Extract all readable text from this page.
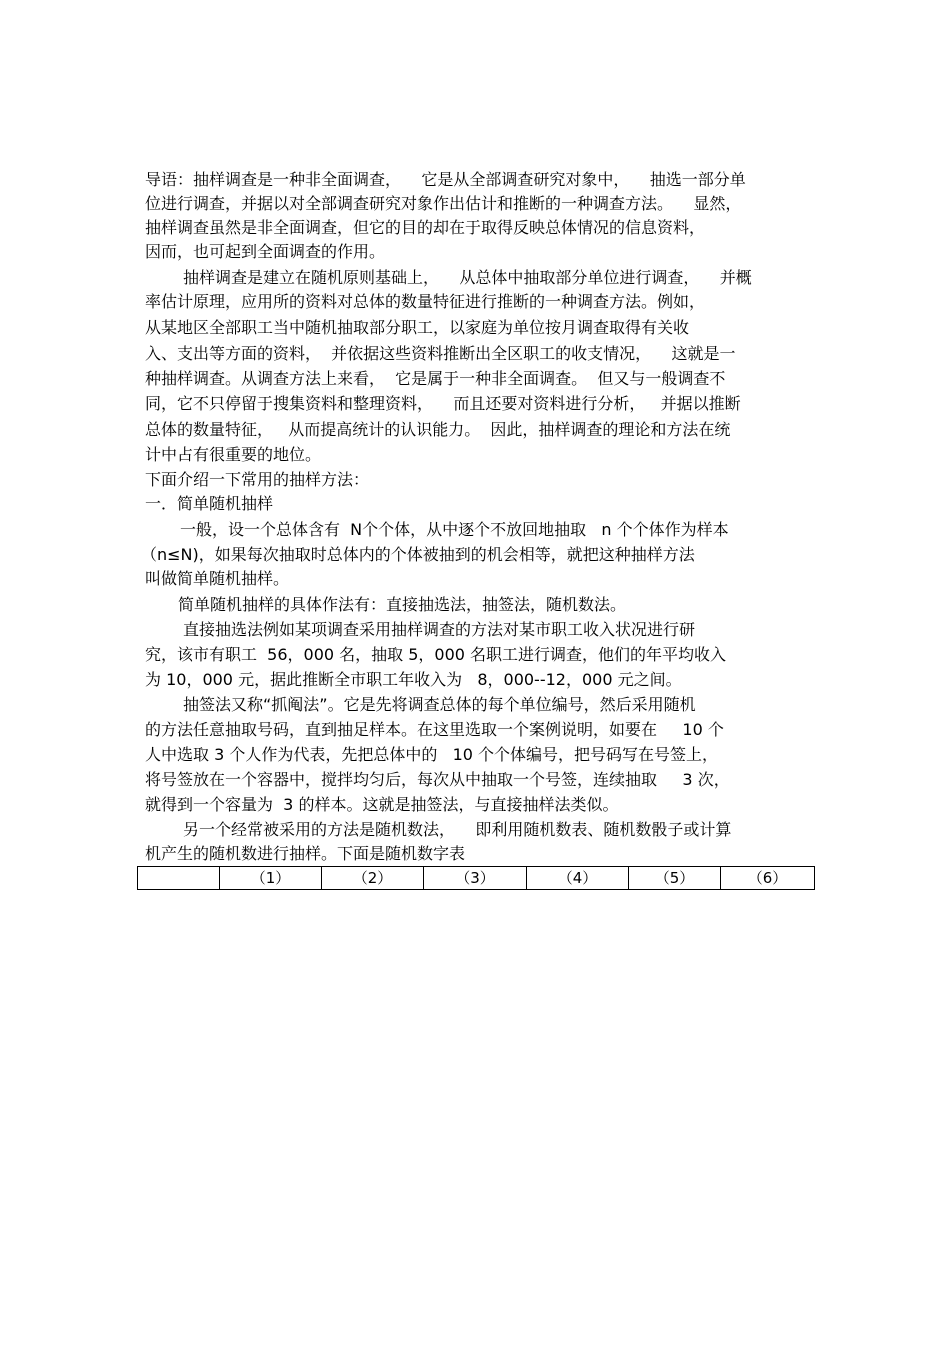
导语：抽样调查是一种非全面调查，    它是从全部调查研究对象中，    抽选一部分单

位进行调查，并据以对全部调查研究对象作出估计和推断的一种调查方法。    显然，

抽样调查虽然是非全面调查，但它的目的却在于取得反映总体情况的信息资料，

因而，也可起到全面调查的作用。

抽样调查是建立在随机原则基础上，    从总体中抽取部分单位进行调查，    并概

率估计原理，应用所的资料对总体的数量特征进行推断的一种调查方法。例如，

从某地区全部职工当中随机抽取部分职工，以家庭为单位按月调查取得有关收

入、支出等方面的资料，  并依据这些资料推断出全区职工的收支情况，    这就是一

种抽样调查。从调查方法上来看，  它是属于一种非全面调查。  但又与一般调查不

同，它不只停留于搜集资料和整理资料，    而且还要对资料进行分析，   并据以推断

总体的数量特征，   从而提高统计的认识能力。  因此，抽样调查的理论和方法在统

计中占有很重要的地位。

下面介绍一下常用的抽样方法：

一．简单随机抽样

一般，设一个总体含有  N个个体，从中逐个不放回地抽取   n 个个体作为样本

（n≤N)，如果每次抽取时总体内的个体被抽到的机会相等，就把这种抽样方法

叫做简单随机抽样。

简单随机抽样的具体作法有：直接抽选法，抽签法，随机数法。

直接抽选法例如某项调查采用抽样调查的方法对某市职工收入状况进行研

究，该市有职工  56，000 名，抽取 5，000 名职工进行调查，他们的年平均收入

为 10，000 元，据此推断全市职工年收入为   8，000--12，000 元之间。

抽签法又称“抓阄法”。它是先将调查总体的每个单位编号，然后采用随机

的方法任意抽取号码，直到抽足样本。在这里选取一个案例说明，如要在     10 个

人中选取 3 个人作为代表，先把总体中的   10 个个体编号，把号码写在号签上，

将号签放在一个容器中，搅拌均匀后，每次从中抽取一个号签，连续抽取     3 次，

就得到一个容量为  3 的样本。这就是抽签法，与直接抽样法类似。

另一个经常被采用的方法是随机数法，    即利用随机数表、随机数骰子或计算

机产生的随机数进行抽样。下面是随机数字表

	（1）	（2）	（3）	（4）	（5）	（6）
